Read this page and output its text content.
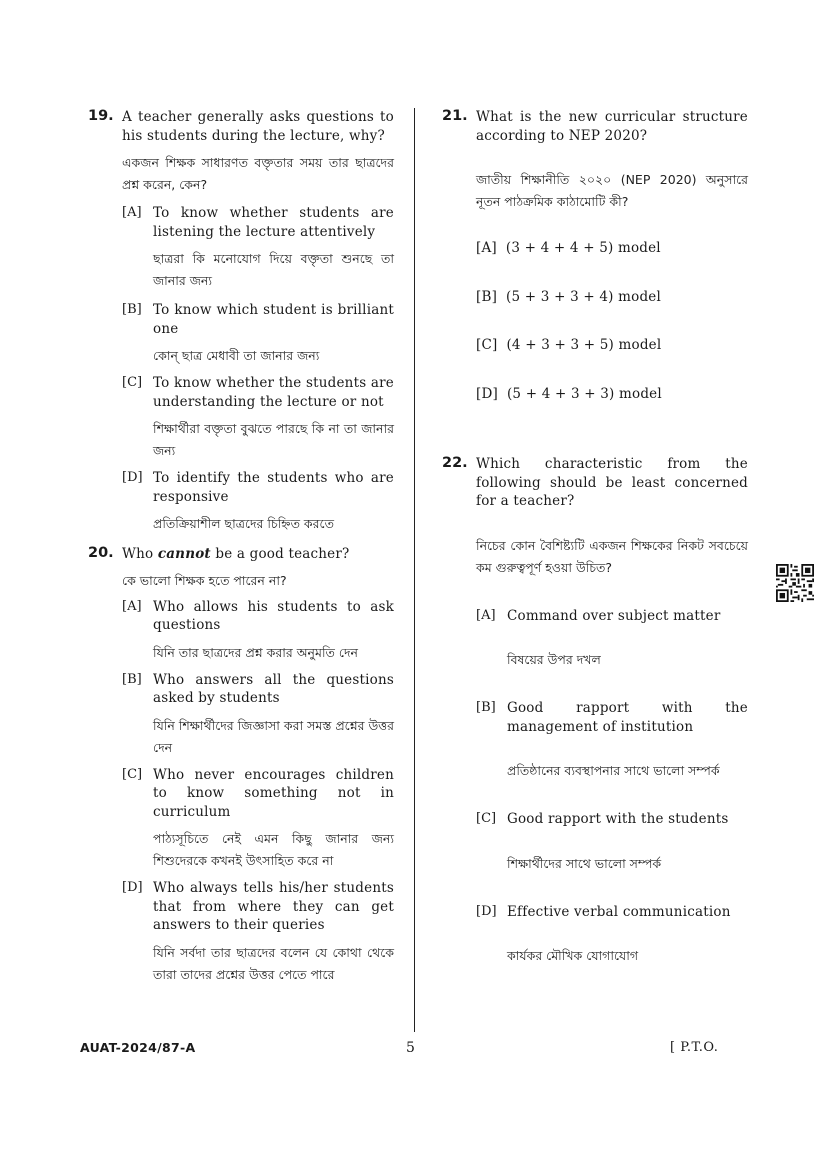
19. A teacher generally asks questions to his students during the lecture, why?
একজন শিক্ষক সাধারণত বক্তৃতার সময় তার ছাত্রদের প্রশ্ন করেন, কেন?
[A] To know whether students are listening the lecture attentively
ছাত্ররা কি মনোযোগ দিয়ে বক্তৃতা শুনছে তা জানার জন্য
[B] To know which student is brilliant one
কোন্ ছাত্র মেধাবী তা জানার জন্য
[C] To know whether the students are understanding the lecture or not
শিক্ষার্থীরা বক্তৃতা বুঝতে পারছে কি না তা জানার জন্য
[D] To identify the students who are responsive
প্রতিক্রিয়াশীল ছাত্রদের চিহ্নিত করতে
20. Who cannot be a good teacher?
কে ভালো শিক্ষক হতে পারেন না?
[A] Who allows his students to ask questions
যিনি তার ছাত্রদের প্রশ্ন করার অনুমতি দেন
[B] Who answers all the questions asked by students
যিনি শিক্ষার্থীদের জিজ্ঞাসা করা সমস্ত প্রশ্নের উত্তর দেন
[C] Who never encourages children to know something not in curriculum
পাঠ্যসূচিতে নেই এমন কিছু জানার জন্য শিশুদেরকে কখনই উৎসাহিত করে না
[D] Who always tells his/her students that from where they can get answers to their queries
যিনি সর্বদা তার ছাত্রদের বলেন যে কোথা থেকে তারা তাদের প্রশ্নের উত্তর পেতে পারে
21. What is the new curricular structure according to NEP 2020?
জাতীয় শিক্ষানীতি ২০২০ (NEP 2020) অনুসারে নূতন পাঠক্রমিক কাঠামোটি কী?
[A] (3 + 4 + 4 + 5) model
[B] (5 + 3 + 3 + 4) model
[C] (4 + 3 + 3 + 5) model
[D] (5 + 4 + 3 + 3) model
22. Which characteristic from the following should be least concerned for a teacher?
নিচের কোন বৈশিষ্ট্যটি একজন শিক্ষকের নিকট সবচেয়ে কম গুরুত্বপূর্ণ হওয়া উচিত?
[A] Command over subject matter
বিষয়ের উপর দখল
[B] Good rapport with the management of institution
প্রতিষ্ঠানের ব্যবস্থাপনার সাথে ভালো সম্পর্ক
[C] Good rapport with the students
শিক্ষার্থীদের সাথে ভালো সম্পর্ক
[D] Effective verbal communication
কার্যকর মৌখিক যোগাযোগ
AUAT-2024/87-A	5	[ P.T.O.
